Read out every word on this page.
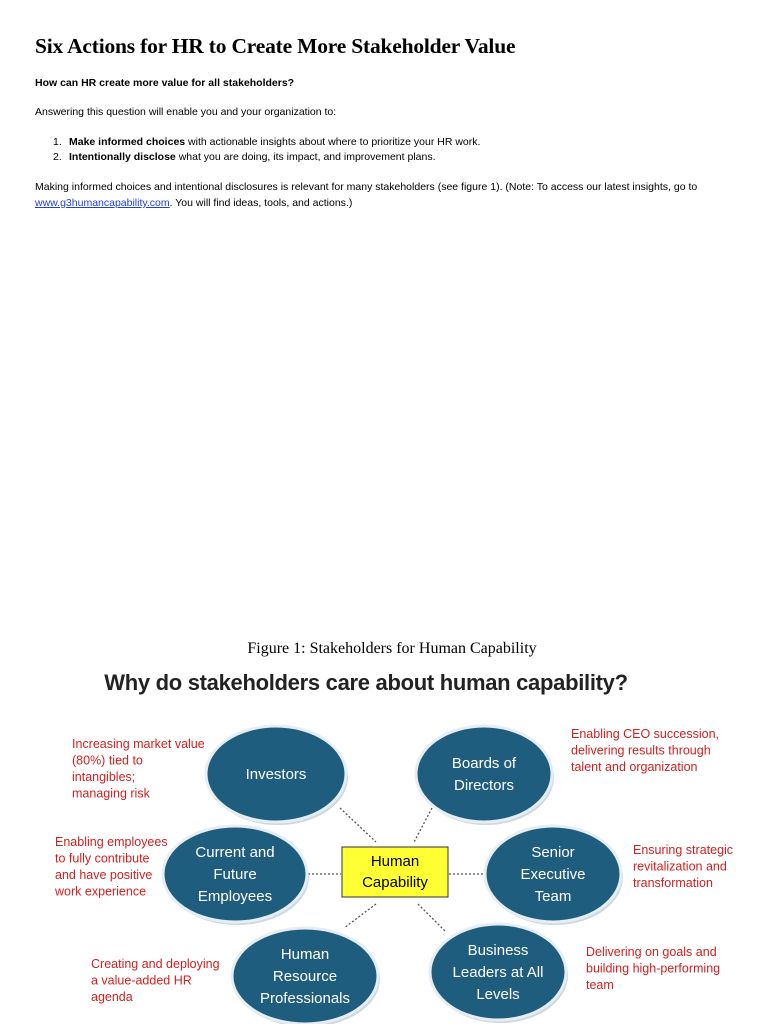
Six Actions for HR to Create More Stakeholder Value

How can HR create more value for all stakeholders?

Answering this question will enable you and your organization to:

1. Make informed choices with actionable insights about where to prioritize your HR work.
2. Intentionally disclose what you are doing, its impact, and improvement plans.

Making informed choices and intentional disclosures is relevant for many stakeholders (see figure 1). (Note: To access our latest insights, go to www.g3humancapability.com. You will find ideas, tools, and actions.)

Figure 1: Stakeholders for Human Capability
Why do stakeholders care about human capability?
Human
Capability
Investors
Increasing market value
(80%) tied to
intangibles;
managing risk
Boards of
Directors
Enabling CEO succession,
delivering results through
talent and organization
Current and
Future
Employees
Enabling employees
to fully contribute
and have positive
work experience
Senior
Executive
Team
Ensuring strategic
revitalization and
transformation
Human
Resource
Professionals
Creating and deploying
a value-added HR
agenda
Business
Leaders at All
Levels
Delivering on goals and
building high-performing
team
